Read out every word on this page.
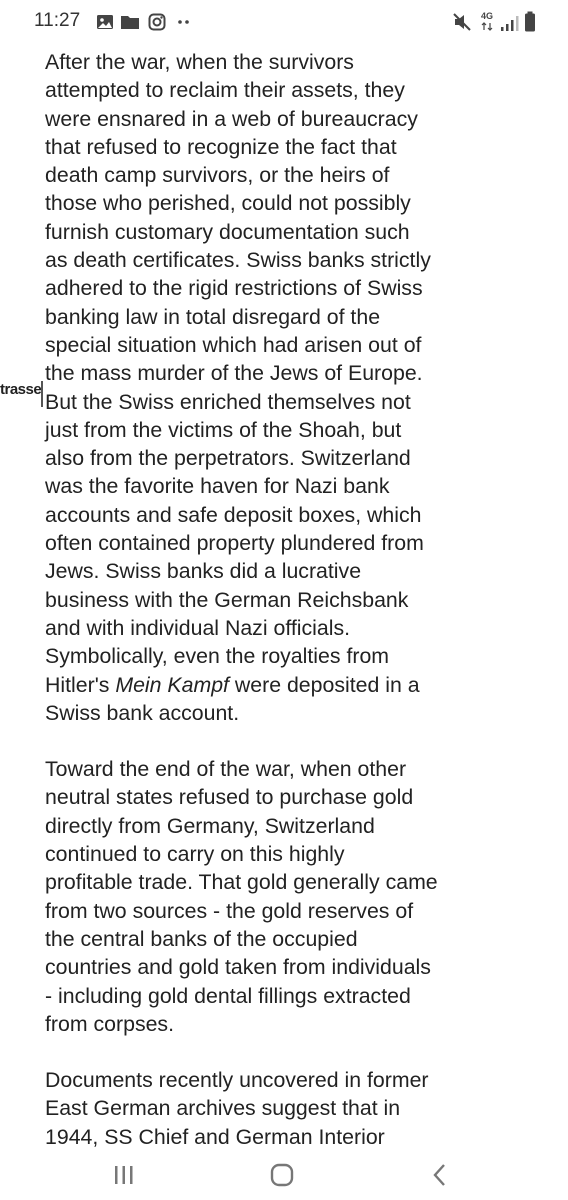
11:27	4G
trasse

After the war, when the survivors
attempted to reclaim their assets, they
were ensnared in a web of bureaucracy
that refused to recognize the fact that
death camp survivors, or the heirs of
those who perished, could not possibly
furnish customary documentation such
as death certificates. Swiss banks strictly
adhered to the rigid restrictions of Swiss
banking law in total disregard of the
special situation which had arisen out of
the mass murder of the Jews of Europe.
But the Swiss enriched themselves not
just from the victims of the Shoah, but
also from the perpetrators. Switzerland
was the favorite haven for Nazi bank
accounts and safe deposit boxes, which
often contained property plundered from
Jews. Swiss banks did a lucrative
business with the German Reichsbank
and with individual Nazi officials.
Symbolically, even the royalties from
Hitler's Mein Kampf were deposited in a
Swiss bank account.

Toward the end of the war, when other
neutral states refused to purchase gold
directly from Germany, Switzerland
continued to carry on this highly
profitable trade. That gold generally came
from two sources - the gold reserves of
the central banks of the occupied
countries and gold taken from individuals
- including gold dental fillings extracted
from corpses.

Documents recently uncovered in former
East German archives suggest that in
1944, SS Chief and German Interior
